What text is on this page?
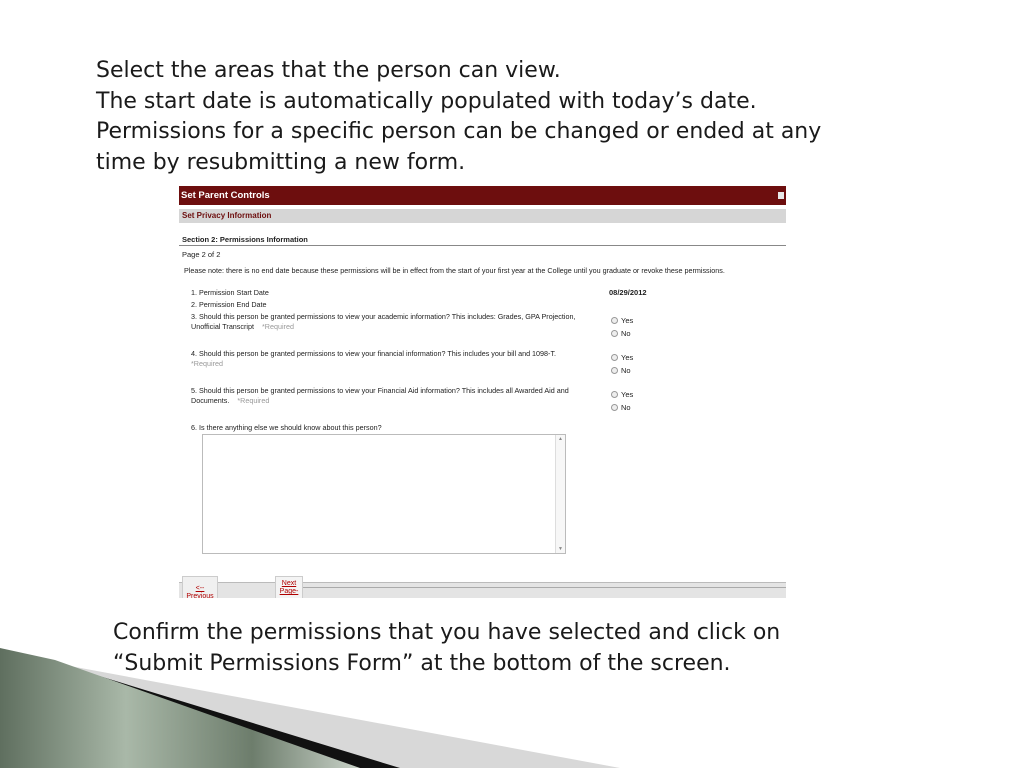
Select the areas that the person can view.
The start date is automatically populated with today’s date.
Permissions for a specific person can be changed or ended at any
time by resubmitting a new form.
Set Parent Controls
Set Privacy Information
Section 2: Permissions Information
Page 2 of 2
Please note: there is no end date because these permissions will be in effect from the start of your first year at the College until you graduate or revoke these permissions.
1. Permission Start Date	08/29/2012
2. Permission End Date
3. Should this person be granted permissions to view your academic information? This includes: Grades, GPA Projection,
Unofficial Transcript *Required
Yes
No
4. Should this person be granted permissions to view your financial information? This includes your bill and 1098-T.
*Required
Yes
No
5. Should this person be granted permissions to view your Financial Aid information? This includes all Awarded Aid and
Documents. *Required
Yes
No
6. Is there anything else we should know about this person?
▲
▼
<--
Previous
Next
Page-
Confirm the permissions that you have selected and click on
“Submit Permissions Form” at the bottom of the screen.
